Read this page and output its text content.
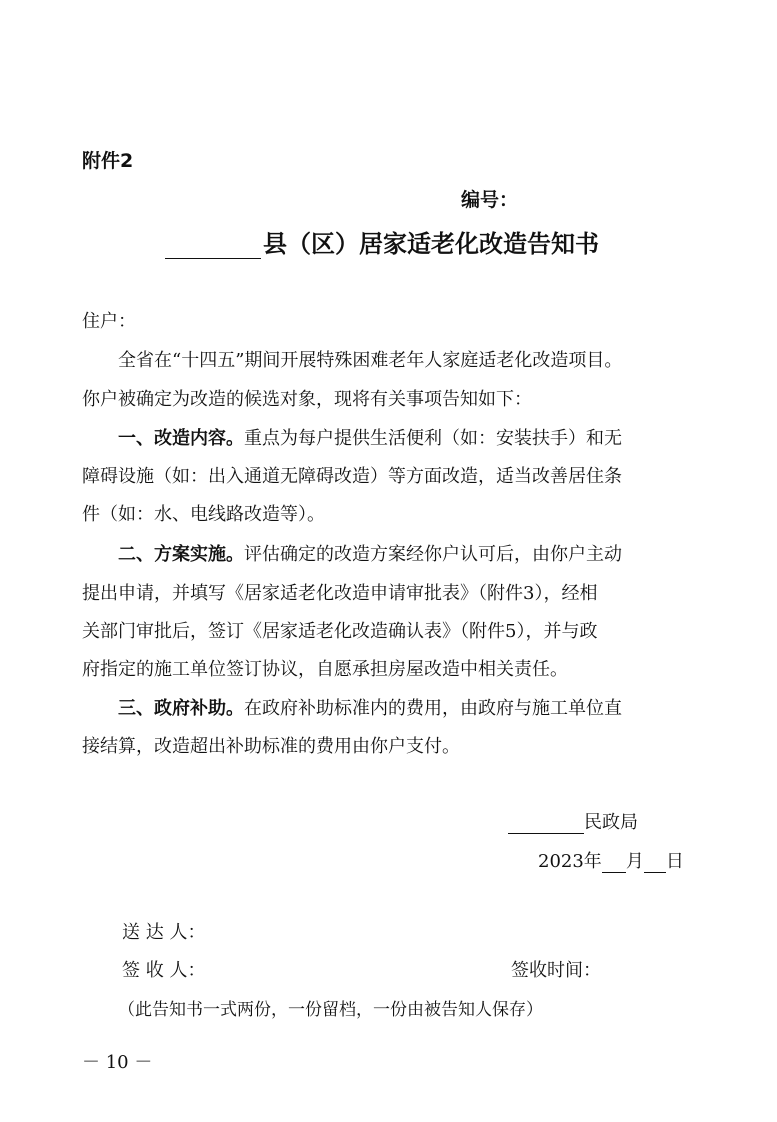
附件2
编号：
县（区）居家适老化改造告知书
住户：
全省在“十四五”期间开展特殊困难老年人家庭适老化改造项目。
你户被确定为改造的候选对象，现将有关事项告知如下：
一、改造内容。重点为每户提供生活便利（如：安装扶手）和无
障碍设施（如：出入通道无障碍改造）等方面改造，适当改善居住条
件（如：水、电线路改造等）。
二、方案实施。评估确定的改造方案经你户认可后，由你户主动
提出申请，并填写《居家适老化改造申请审批表》（附件3），经相
关部门审批后，签订《居家适老化改造确认表》（附件5），并与政
府指定的施工单位签订协议，自愿承担房屋改造中相关责任。
三、政府补助。在政府补助标准内的费用，由政府与施工单位直
接结算，改造超出补助标准的费用由你户支付。
民政局
2023年 月 日
送 达 人：
签 收 人：	签收时间：
（此告知书一式两份，一份留档，一份由被告知人保存）
－ 10 －
